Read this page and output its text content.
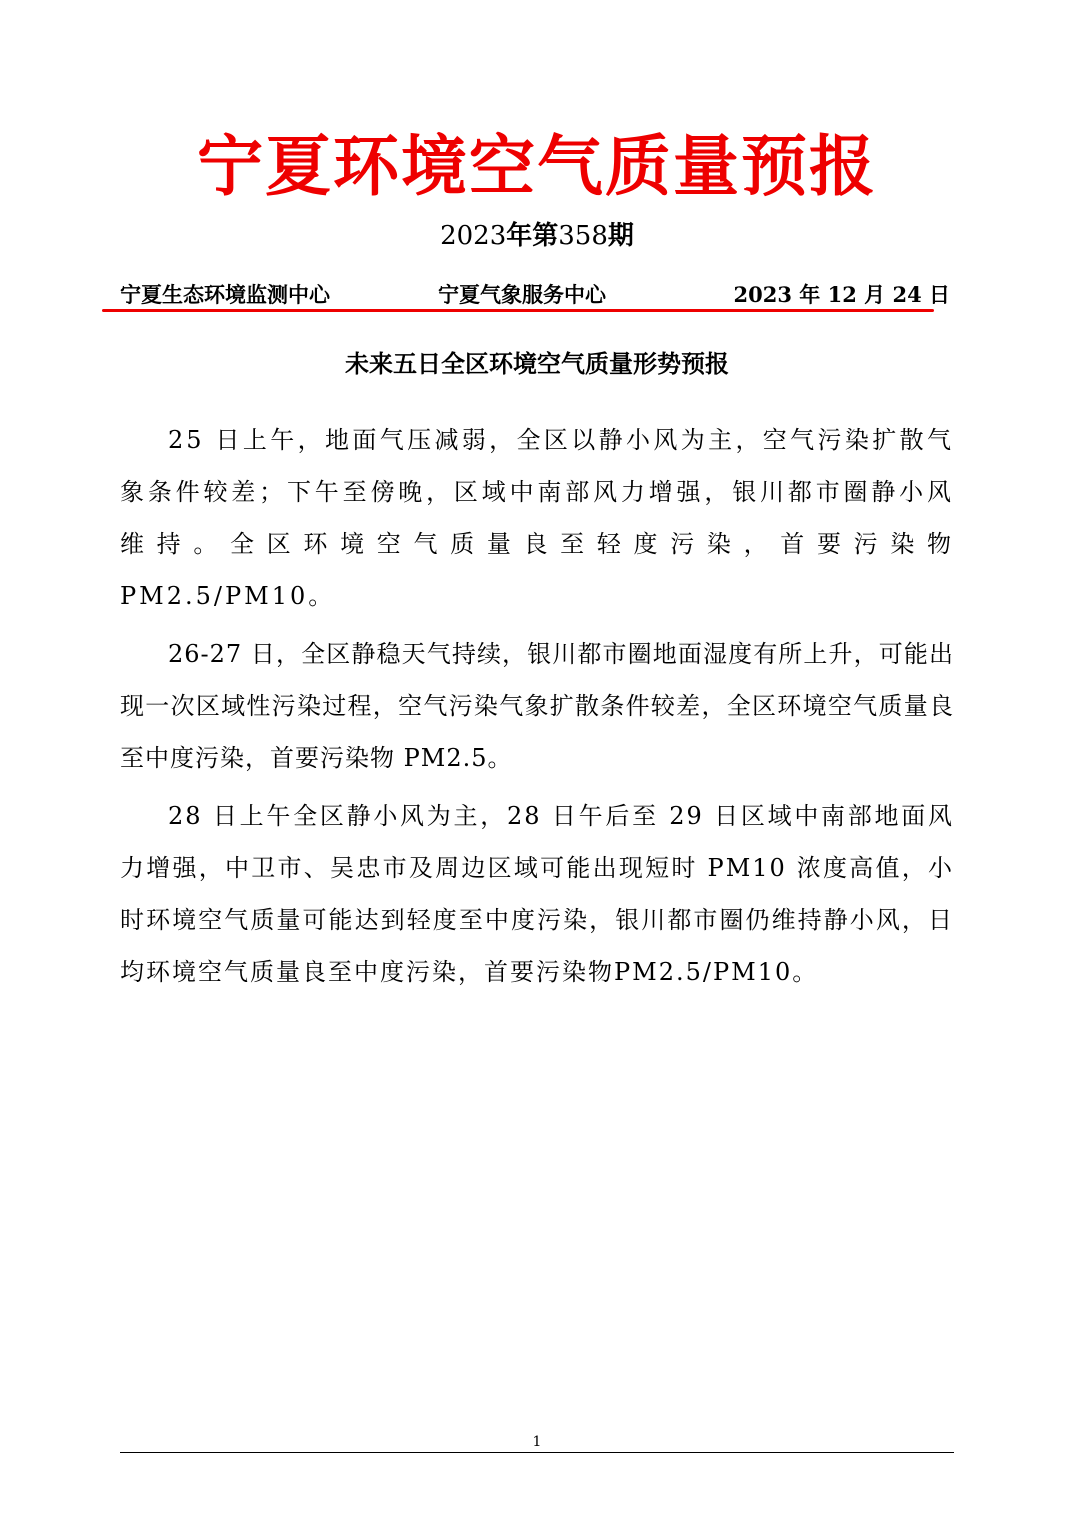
宁夏环境空气质量预报
2023年第358期
宁夏生态环境监测中心	宁夏气象服务中心	2023 年 12 月 24 日
未来五日全区环境空气质量形势预报

25 日上午，地面气压减弱，全区以静小风为主，空气污染扩散气象条件较差；下午至傍晚，区域中南部风力增强，银川都市圈静小风维持。全区环境空气质量良至轻度污染，首要污染物PM2.5/PM10。

26-27 日，全区静稳天气持续，银川都市圈地面湿度有所上升，可能出现一次区域性污染过程，空气污染气象扩散条件较差，全区环境空气质量良至中度污染，首要污染物 PM2.5。

28 日上午全区静小风为主，28 日午后至 29 日区域中南部地面风力增强，中卫市、吴忠市及周边区域可能出现短时 PM10 浓度高值，小时环境空气质量可能达到轻度至中度污染，银川都市圈仍维持静小风，日均环境空气质量良至中度污染，首要污染物PM2.5/PM10。

1
